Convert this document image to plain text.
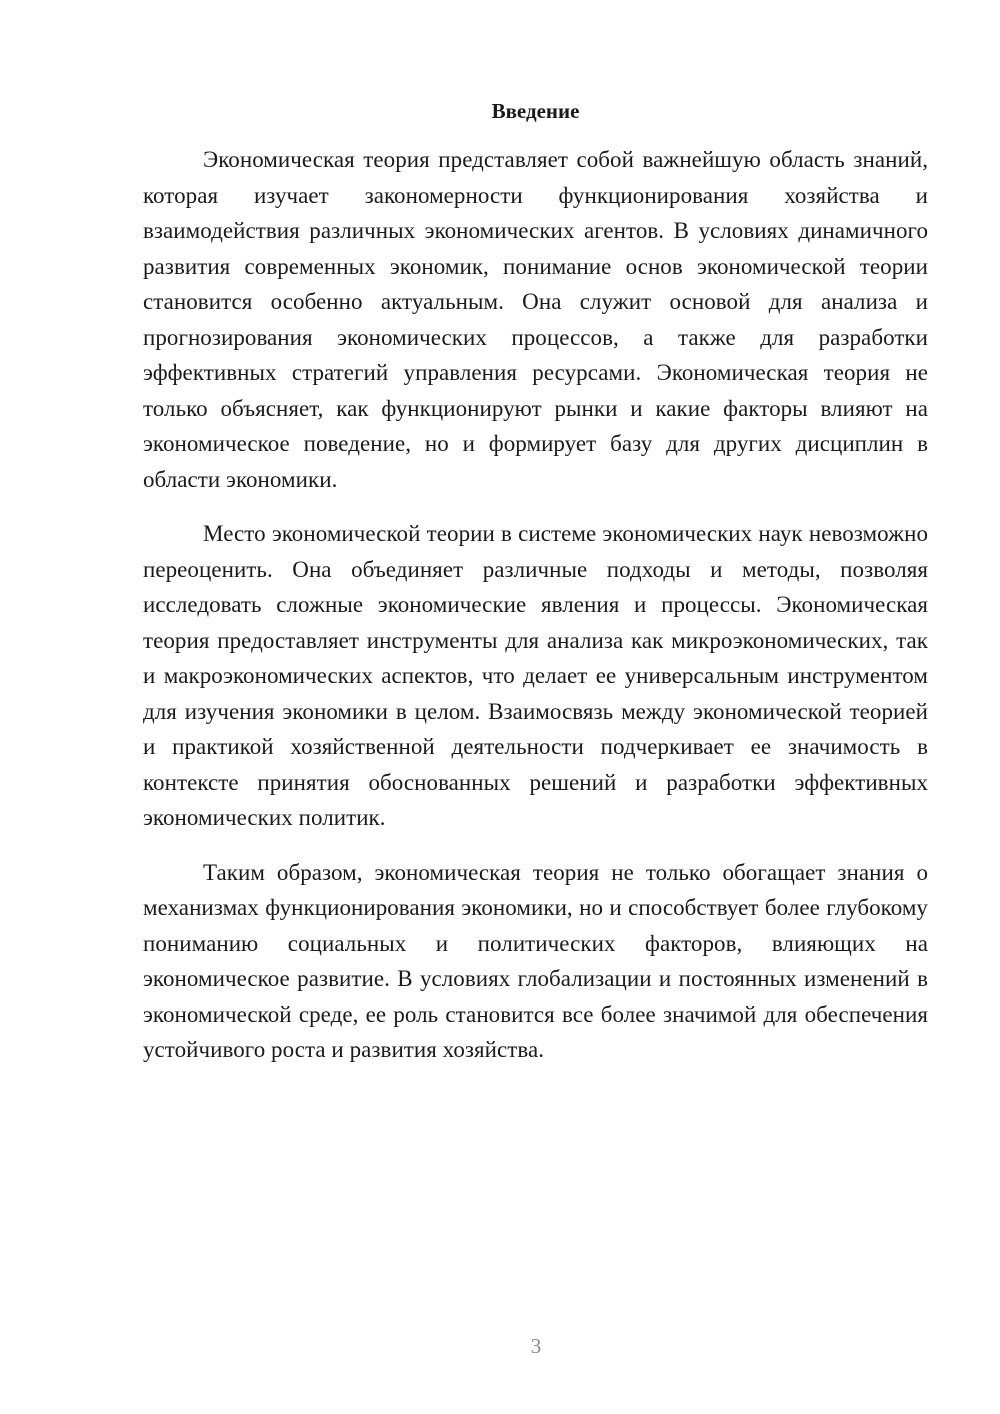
Введение

Экономическая теория представляет собой важнейшую область знаний, которая изучает закономерности функционирования хозяйства и взаимодействия различных экономических агентов. В условиях динамичного развития современных экономик, понимание основ экономической теории становится особенно актуальным. Она служит основой для анализа и прогнозирования экономических процессов, а также для разработки эффективных стратегий управления ресурсами. Экономическая теория не только объясняет, как функционируют рынки и какие факторы влияют на экономическое поведение, но и формирует базу для других дисциплин в области экономики.

Место экономической теории в системе экономических наук невозможно переоценить. Она объединяет различные подходы и методы, позволяя исследовать сложные экономические явления и процессы. Экономическая теория предоставляет инструменты для анализа как микроэкономических, так и макроэкономических аспектов, что делает ее универсальным инструментом для изучения экономики в целом. Взаимосвязь между экономической теорией и практикой хозяйственной деятельности подчеркивает ее значимость в контексте принятия обоснованных решений и разработки эффективных экономических политик.

Таким образом, экономическая теория не только обогащает знания о механизмах функционирования экономики, но и способствует более глубокому пониманию социальных и политических факторов, влияющих на экономическое развитие. В условиях глобализации и постоянных изменений в экономической среде, ее роль становится все более значимой для обеспечения устойчивого роста и развития хозяйства.

3
